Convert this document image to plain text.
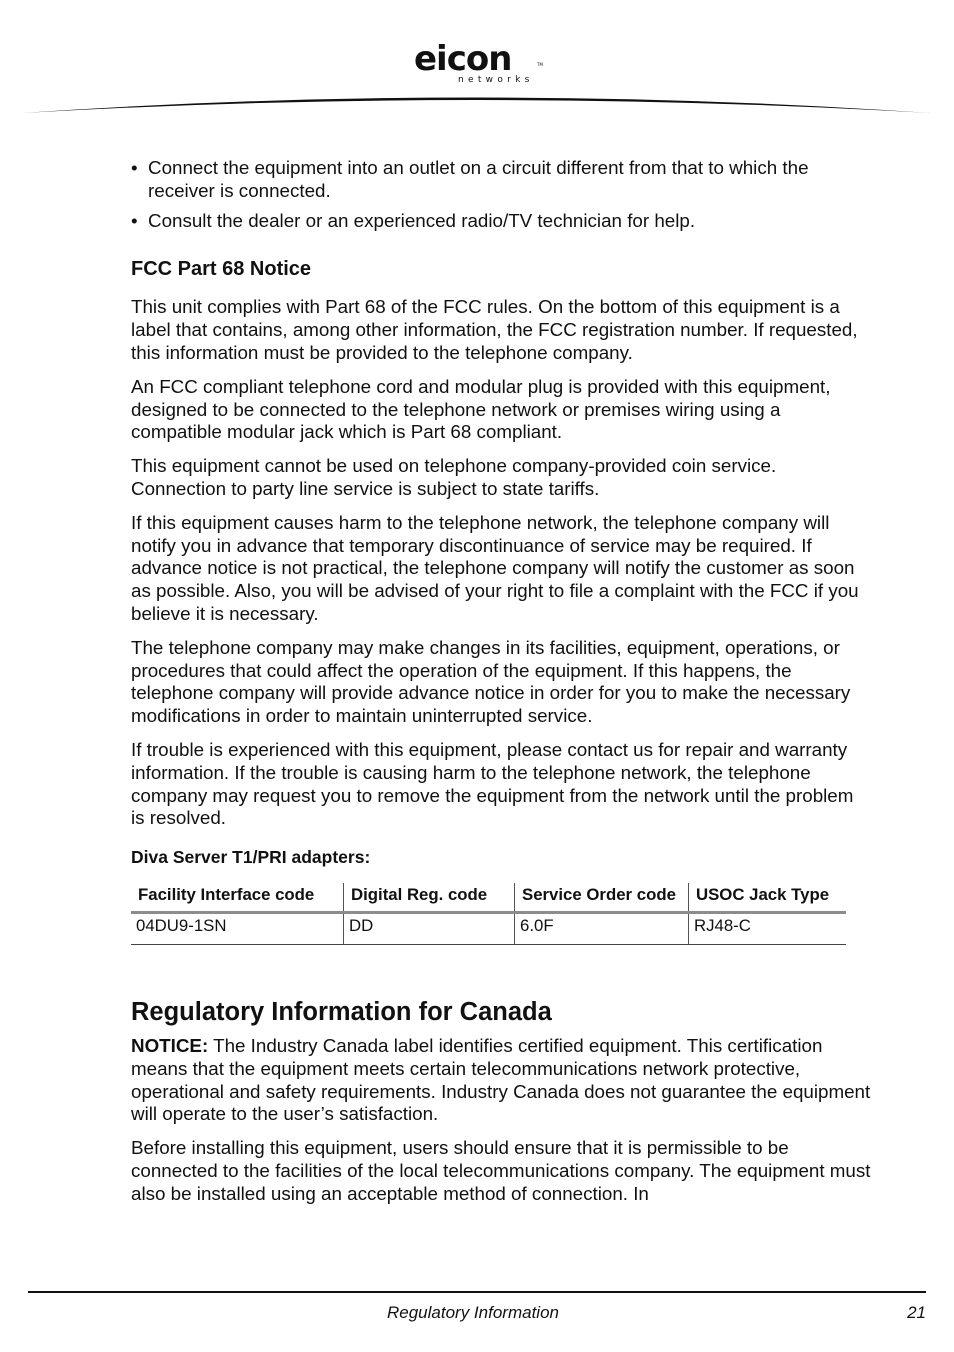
eicon	TM
networks
• Connect the equipment into an outlet on a circuit different from that to which the receiver is connected.
• Consult the dealer or an experienced radio/TV technician for help.
FCC Part 68 Notice

This unit complies with Part 68 of the FCC rules. On the bottom of this equipment is a label that contains, among other information, the FCC registration number. If requested, this information must be provided to the telephone company.

An FCC compliant telephone cord and modular plug is provided with this equipment, designed to be connected to the telephone network or premises wiring using a compatible modular jack which is Part 68 compliant.

This equipment cannot be used on telephone company-provided coin service. Connection to party line service is subject to state tariffs.

If this equipment causes harm to the telephone network, the telephone company will notify you in advance that temporary discontinuance of service may be required. If advance notice is not practical, the telephone company will notify the customer as soon as possible. Also, you will be advised of your right to file a complaint with the FCC if you believe it is necessary.

The telephone company may make changes in its facilities, equipment, operations, or procedures that could affect the operation of the equipment. If this happens, the telephone company will provide advance notice in order for you to make the necessary modifications in order to maintain uninterrupted service.

If trouble is experienced with this equipment, please contact us for repair and warranty information. If the trouble is causing harm to the telephone network, the telephone company may request you to remove the equipment from the network until the problem is resolved.

Diva Server T1/PRI adapters:
Facility Interface code	Digital Reg. code	Service Order code	USOC Jack Type
04DU9-1SN	DD	6.0F	RJ48-C
Regulatory Information for Canada

NOTICE: The Industry Canada label identifies certified equipment. This certification means that the equipment meets certain telecommunications network protective, operational and safety requirements. Industry Canada does not guarantee the equipment will operate to the user’s satisfaction.

Before installing this equipment, users should ensure that it is permissible to be connected to the facilities of the local telecommunications company. The equipment must also be installed using an acceptable method of connection. In

Regulatory Information	21
